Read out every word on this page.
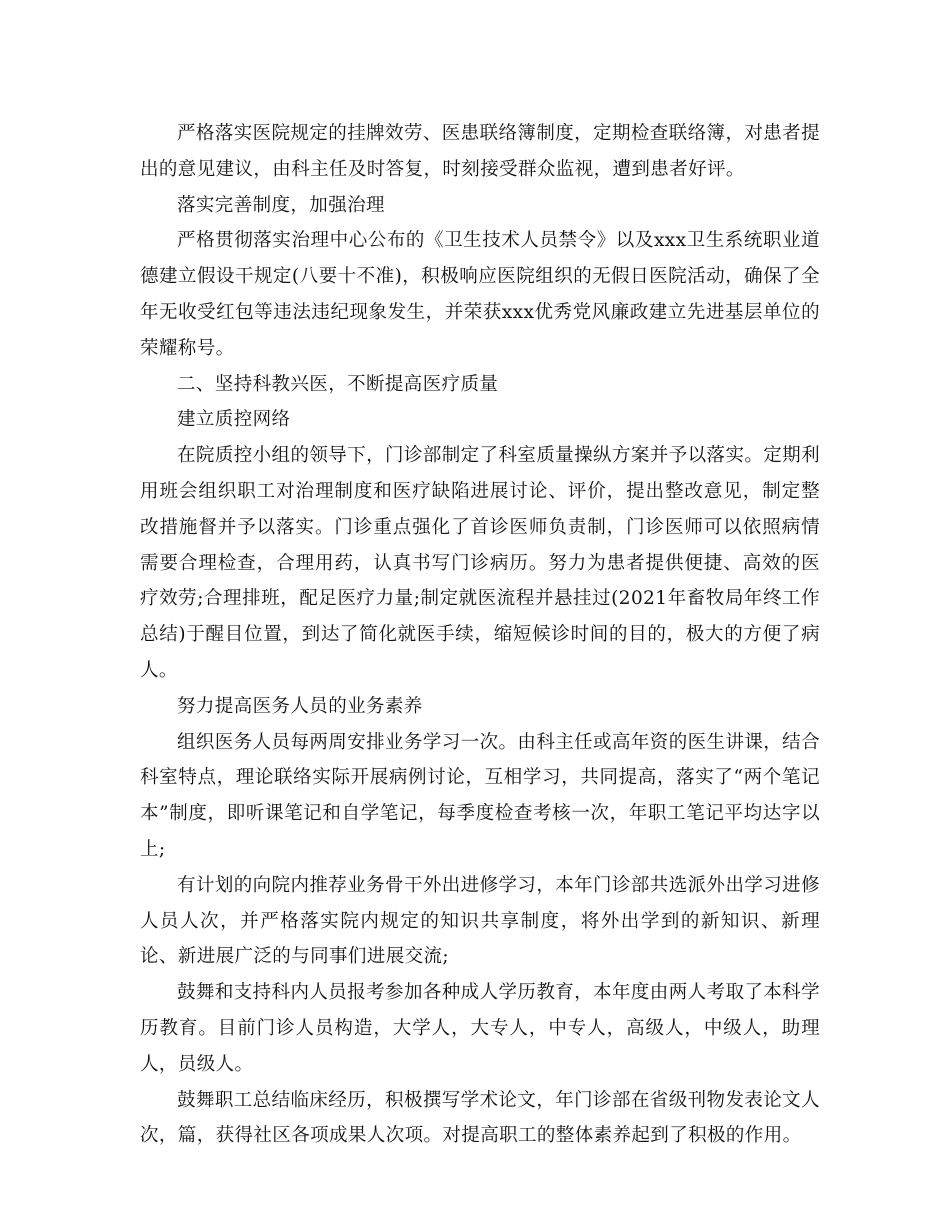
严格落实医院规定的挂牌效劳、医患联络簿制度，定期检查联络簿，对患者提出的意见建议，由科主任及时答复，时刻接受群众监视，遭到患者好评。

落实完善制度，加强治理

严格贯彻落实治理中心公布的《卫生技术人员禁令》以及xxx卫生系统职业道德建立假设干规定(八要十不准)，积极响应医院组织的无假日医院活动，确保了全年无收受红包等违法违纪现象发生，并荣获xxx优秀党风廉政建立先进基层单位的荣耀称号。

二、坚持科教兴医，不断提高医疗质量

建立质控网络

在院质控小组的领导下，门诊部制定了科室质量操纵方案并予以落实。定期利用班会组织职工对治理制度和医疗缺陷进展讨论、评价，提出整改意见，制定整改措施督并予以落实。门诊重点强化了首诊医师负责制，门诊医师可以依照病情需要合理检查，合理用药，认真书写门诊病历。努力为患者提供便捷、高效的医疗效劳;合理排班，配足医疗力量;制定就医流程并悬挂过(2021年畜牧局年终工作总结)于醒目位置，到达了简化就医手续，缩短候诊时间的目的，极大的方便了病人。

努力提高医务人员的业务素养

组织医务人员每两周安排业务学习一次。由科主任或高年资的医生讲课，结合科室特点，理论联络实际开展病例讨论，互相学习，共同提高，落实了“两个笔记本”制度，即听课笔记和自学笔记，每季度检查考核一次，年职工笔记平均达字以上;

有计划的向院内推荐业务骨干外出进修学习，本年门诊部共选派外出学习进修人员人次，并严格落实院内规定的知识共享制度，将外出学到的新知识、新理论、新进展广泛的与同事们进展交流;

鼓舞和支持科内人员报考参加各种成人学历教育，本年度由两人考取了本科学历教育。目前门诊人员构造，大学人，大专人，中专人，高级人，中级人，助理人，员级人。

鼓舞职工总结临床经历，积极撰写学术论文，年门诊部在省级刊物发表论文人次，篇，获得社区各项成果人次项。对提高职工的整体素养起到了积极的作用。
